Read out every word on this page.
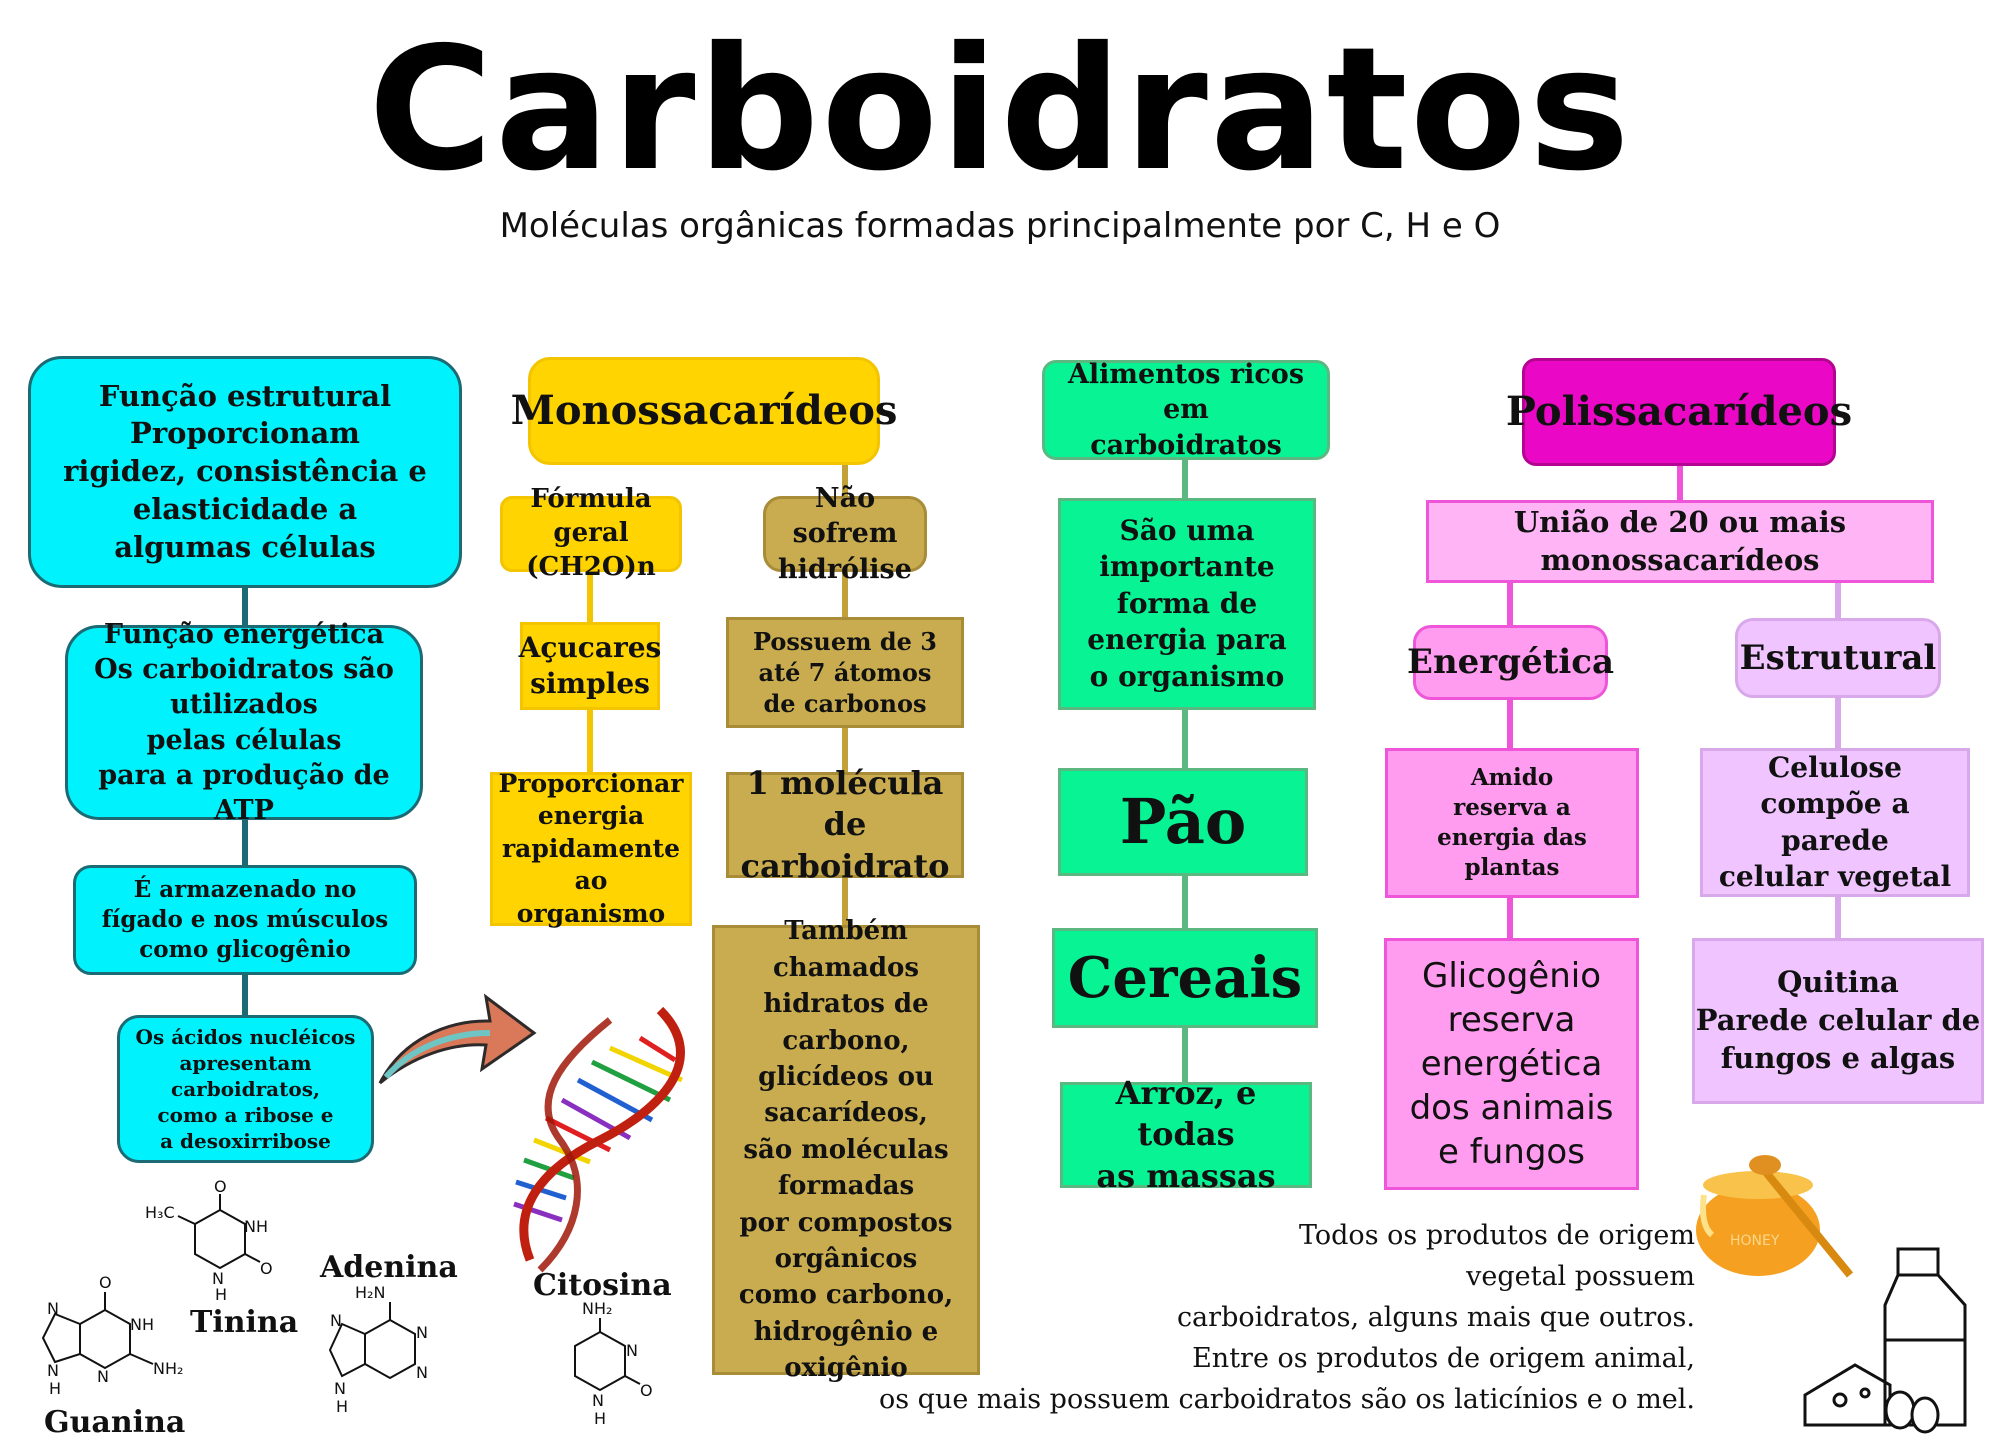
Carboidratos
Moléculas orgânicas formadas principalmente por C, H e O
Função estrutural
Proporcionam
rigidez, consistência e
elasticidade a
algumas células
Função energética
Os carboidratos são
utilizados
pelas células
para a produção de ATP
É armazenado no
fígado e nos músculos
como glicogênio
Os ácidos nucléicos
apresentam
carboidratos,
como a ribose e
a desoxirribose
Monossacarídeos
Fórmula geral
(CH2O)n
Açucares
simples
Proporcionar
energia
rapidamente ao
organismo
Não sofrem
hidrólise
Possuem de 3
até 7 átomos
de carbonos
1 molécula de
carboidrato
Também chamados
hidratos de carbono,
glicídeos ou
sacarídeos,
são moléculas
formadas
por compostos
orgânicos
como carbono,
hidrogênio e
oxigênio
Alimentos ricos em
carboidratos
São uma
importante
forma de
energia para
o organismo
Pão
Cereais
Arroz, e todas
as massas
Polissacarídeos
União de 20 ou mais
monossacarídeos
Energética	Estrutural
Amido
reserva a
energia das
plantas
Glicogênio
reserva
energética
dos animais
e fungos
Celulose
compõe a
parede
celular vegetal
Quitina
Parede celular de
fungos e algas
Todos os produtos de origem
vegetal possuem
carboidratos, alguns mais que outros.
Entre os produtos de origem animal,
os que mais possuem carboidratos são os laticínios e o mel.
Tinina
Adenina
Citosina
Guanina
O
H₃C
NH
O
N
H
O
NH
NH₂
N
N
N
H
H₂N
N
N
N
N
H
NH₂
N
O
N
H
HONEY
